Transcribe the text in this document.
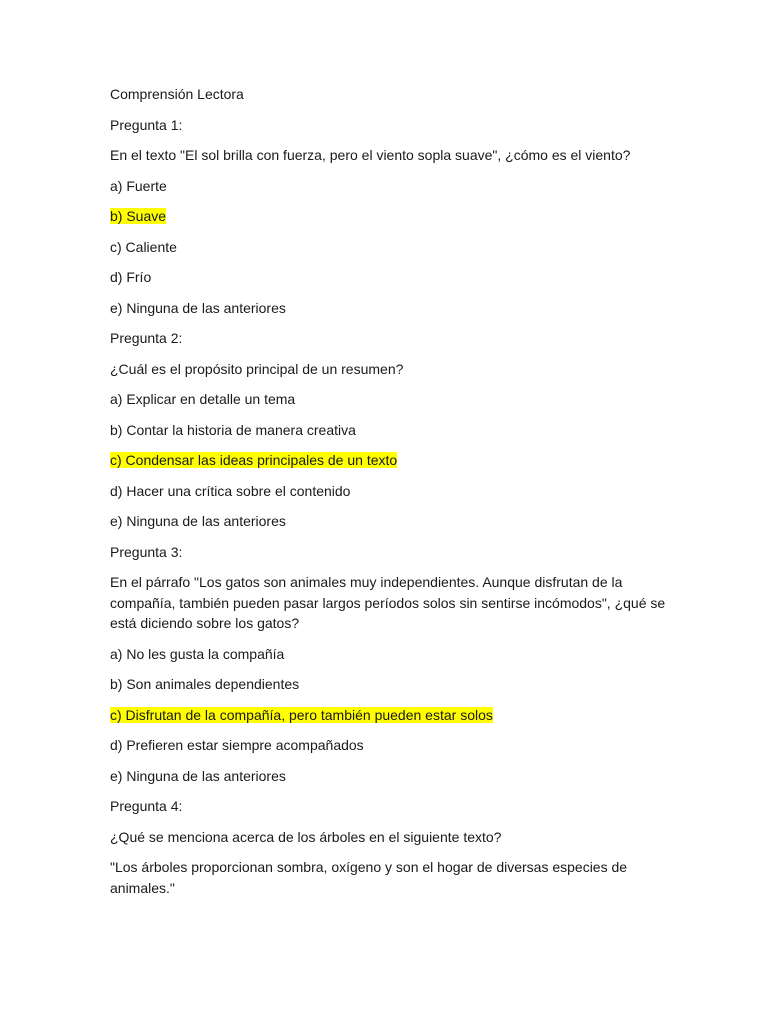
Comprensión Lectora

Pregunta 1:

En el texto "El sol brilla con fuerza, pero el viento sopla suave", ¿cómo es el viento?

a) Fuerte

b) Suave

c) Caliente

d) Frío

e) Ninguna de las anteriores

Pregunta 2:

¿Cuál es el propósito principal de un resumen?

a) Explicar en detalle un tema

b) Contar la historia de manera creativa

c) Condensar las ideas principales de un texto

d) Hacer una crítica sobre el contenido

e) Ninguna de las anteriores

Pregunta 3:

En el párrafo "Los gatos son animales muy independientes. Aunque disfrutan de la compañía, también pueden pasar largos períodos solos sin sentirse incómodos", ¿qué se está diciendo sobre los gatos?

a) No les gusta la compañía

b) Son animales dependientes

c) Disfrutan de la compañía, pero también pueden estar solos

d) Prefieren estar siempre acompañados

e) Ninguna de las anteriores

Pregunta 4:

¿Qué se menciona acerca de los árboles en el siguiente texto?

"Los árboles proporcionan sombra, oxígeno y son el hogar de diversas especies de animales."
